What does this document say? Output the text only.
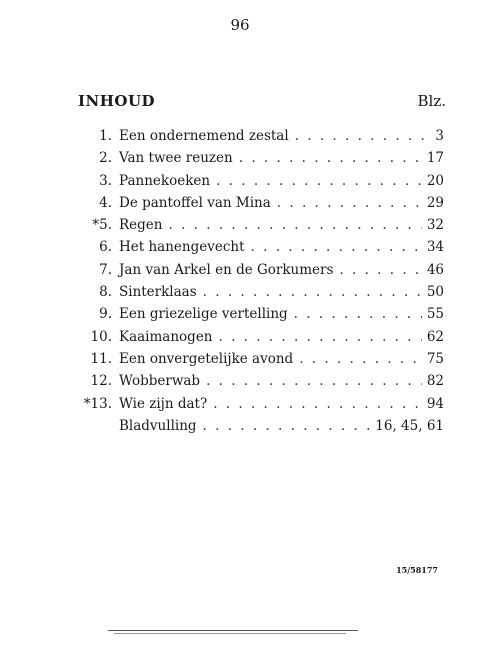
96
INHOUD	Blz.
1. Een ondernemend zestal . . .	3
2. Van twee reuzen . . .	17
3. Pannekoeken . . .	20
4. De pantoffel van Mina . . .	29
*5. Regen . . .	32
6. Het hanengevecht . . .	34
7. Jan van Arkel en de Gorkumers . . .	46
8. Sinterklaas . . .	50
9. Een griezelige vertelling . . .	55
10. Kaaimanogen . . .	62
11. Een onvergetelijke avond . . .	75
12. Wobberwab . . .	82
*13. Wie zijn dat? . . .	94
Bladvulling . . .	16, 45, 61
15/58177
